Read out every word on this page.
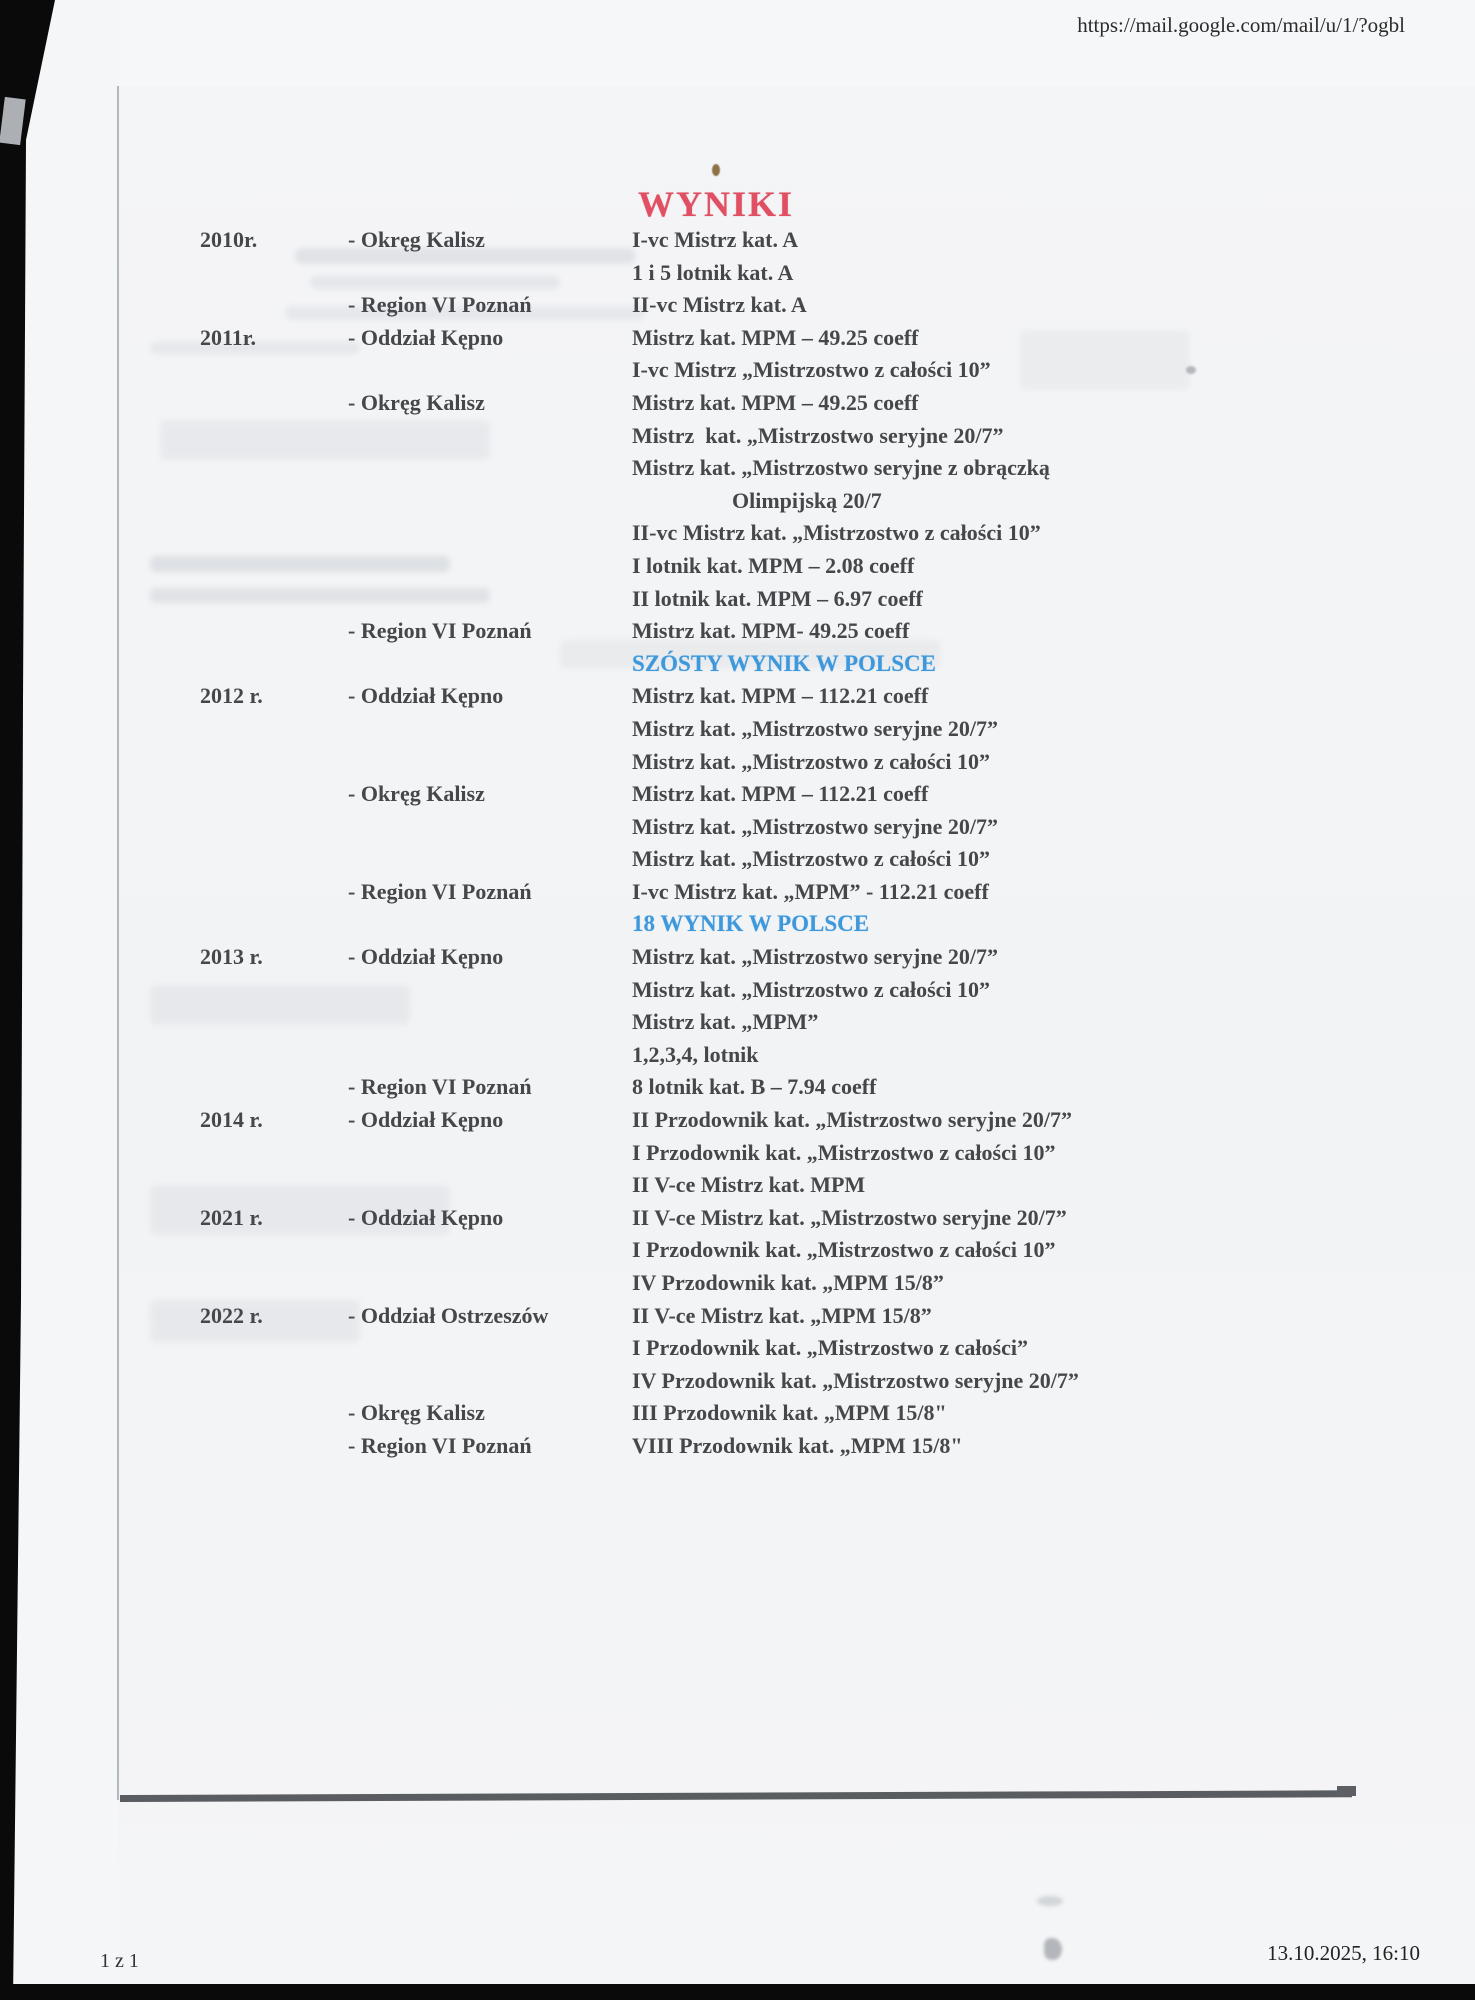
https://mail.google.com/mail/u/1/?ogbl
WYNIKI
2010r.	- Okręg Kalisz	I-vc Mistrz kat. A
1 i 5 lotnik kat. A
- Region VI Poznań	II-vc Mistrz kat. A
2011r.	- Oddział Kępno	Mistrz kat. MPM – 49.25 coeff
I-vc Mistrz „Mistrzostwo z całości 10”
- Okręg Kalisz	Mistrz kat. MPM – 49.25 coeff
Mistrz  kat. „Mistrzostwo seryjne 20/7”
Mistrz kat. „Mistrzostwo seryjne z obrączką
Olimpijską 20/7
II-vc Mistrz kat. „Mistrzostwo z całości 10”
I lotnik kat. MPM – 2.08 coeff
II lotnik kat. MPM – 6.97 coeff
- Region VI Poznań	Mistrz kat. MPM- 49.25 coeff
SZÓSTY WYNIK W POLSCE
2012 r.	- Oddział Kępno	Mistrz kat. MPM – 112.21 coeff
Mistrz kat. „Mistrzostwo seryjne 20/7”
Mistrz kat. „Mistrzostwo z całości 10”
- Okręg Kalisz	Mistrz kat. MPM – 112.21 coeff
Mistrz kat. „Mistrzostwo seryjne 20/7”
Mistrz kat. „Mistrzostwo z całości 10”
- Region VI Poznań	I-vc Mistrz kat. „MPM” - 112.21 coeff
18 WYNIK W POLSCE
2013 r.	- Oddział Kępno	Mistrz kat. „Mistrzostwo seryjne 20/7”
Mistrz kat. „Mistrzostwo z całości 10”
Mistrz kat. „MPM”
1,2,3,4, lotnik
- Region VI Poznań	8 lotnik kat. B – 7.94 coeff
2014 r.	- Oddział Kępno	II Przodownik kat. „Mistrzostwo seryjne 20/7”
I Przodownik kat. „Mistrzostwo z całości 10”
II V-ce Mistrz kat. MPM
2021 r.	- Oddział Kępno	II V-ce Mistrz kat. „Mistrzostwo seryjne 20/7”
I Przodownik kat. „Mistrzostwo z całości 10”
IV Przodownik kat. „MPM 15/8”
2022 r.	- Oddział Ostrzeszów	II V-ce Mistrz kat. „MPM 15/8”
I Przodownik kat. „Mistrzostwo z całości”
IV Przodownik kat. „Mistrzostwo seryjne 20/7”
- Okręg Kalisz	III Przodownik kat. „MPM 15/8"
- Region VI Poznań	VIII Przodownik kat. „MPM 15/8"
1 z 1	13.10.2025, 16:10
